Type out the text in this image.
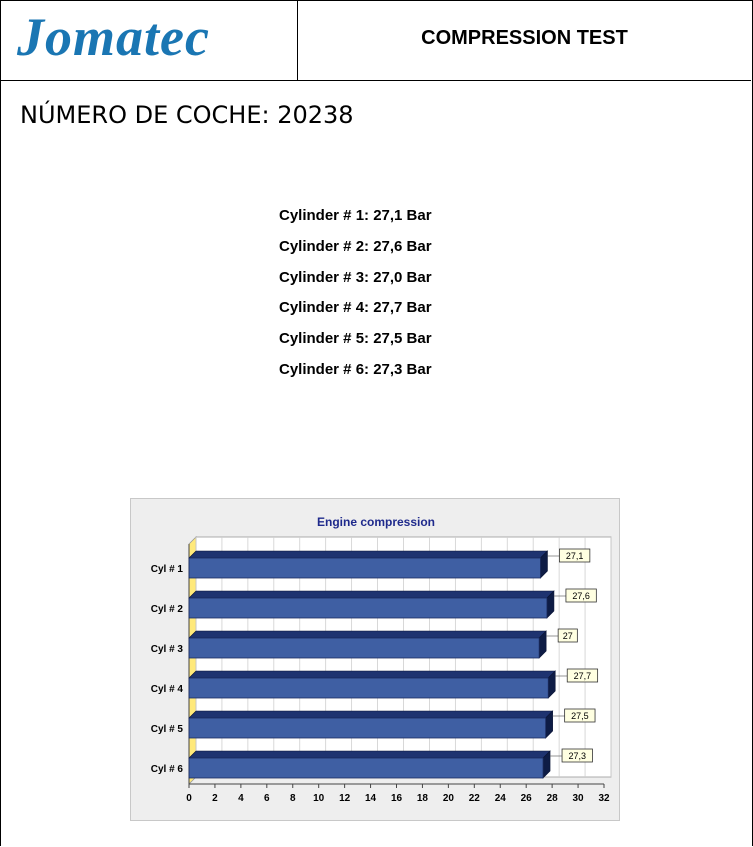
Jomatec	COMPRESSION TEST
NÚMERO DE COCHE: 20238
Cylinder # 1: 27,1 Bar
Cylinder # 2: 27,6 Bar
Cylinder # 3: 27,0 Bar
Cylinder # 4: 27,7 Bar
Cylinder # 5: 27,5 Bar
Cylinder # 6: 27,3 Bar
Engine compression
0 2 4 6 8 10 12 14 16 18 20 22 24 26 28 30 32
Cyl # 1
27,1
Cyl # 2
27,6
Cyl # 3
27
Cyl # 4
27,7
Cyl # 5
27,5
Cyl # 6
27,3
